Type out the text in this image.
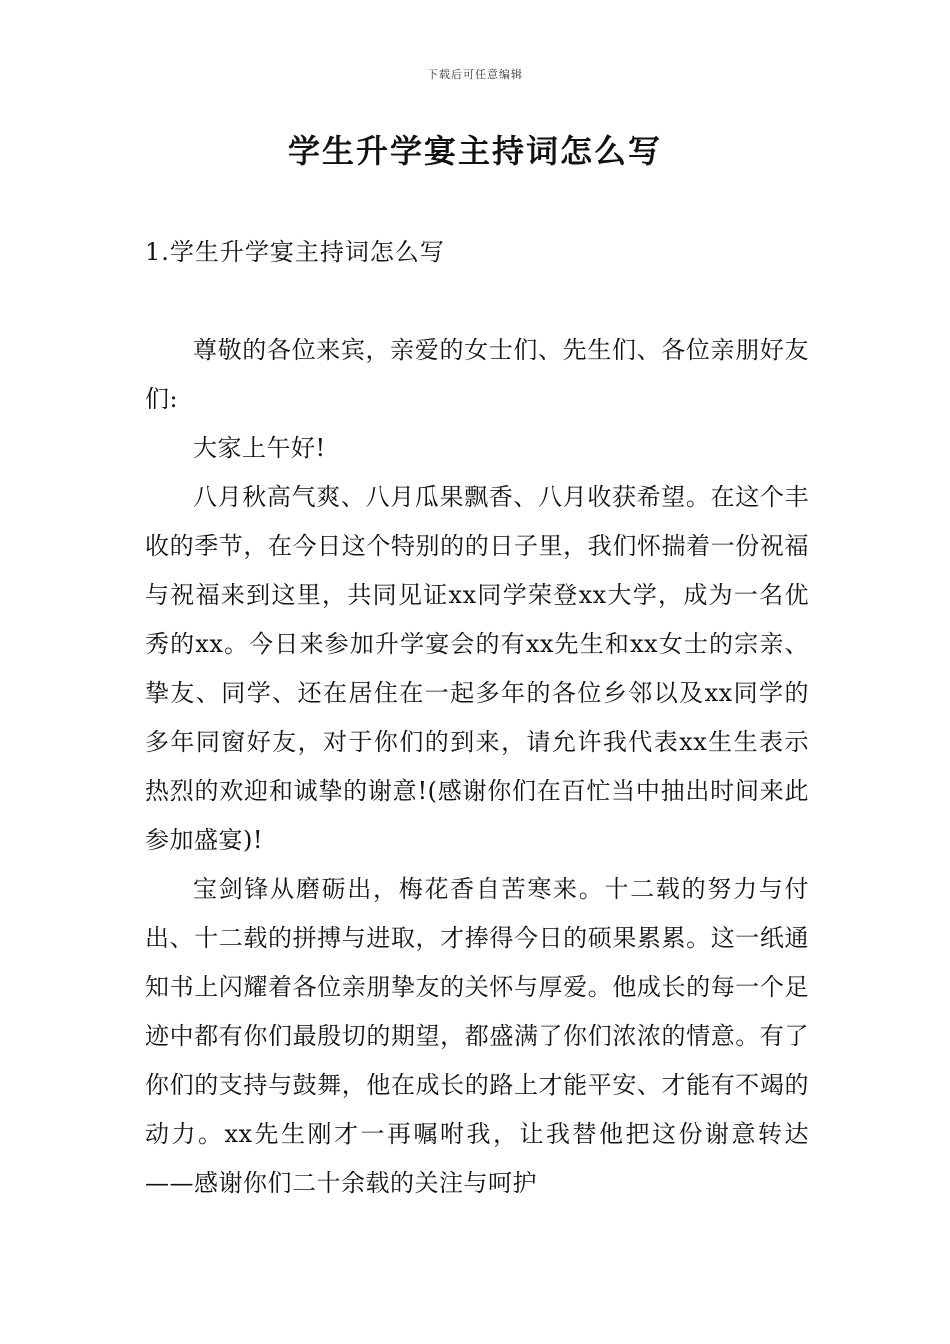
下载后可任意编辑
学生升学宴主持词怎么写
1.学生升学宴主持词怎么写

尊敬的各位来宾，亲爱的女士们、先生们、各位亲朋好友们:

大家上午好!

八月秋高气爽、八月瓜果飘香、八月收获希望。在这个丰收的季节，在今日这个特别的的日子里，我们怀揣着一份祝福与祝福来到这里，共同见证xx同学荣登xx大学，成为一名优秀的xx。今日来参加升学宴会的有xx先生和xx女士的宗亲、挚友、同学、还在居住在一起多年的各位乡邻以及xx同学的多年同窗好友，对于你们的到来，请允许我代表xx生生表示热烈的欢迎和诚挚的谢意!(感谢你们在百忙当中抽出时间来此参加盛宴)!

宝剑锋从磨砺出，梅花香自苦寒来。十二载的努力与付出、十二载的拼搏与进取，才捧得今日的硕果累累。这一纸通知书上闪耀着各位亲朋挚友的关怀与厚爱。他成长的每一个足迹中都有你们最殷切的期望，都盛满了你们浓浓的情意。有了你们的支持与鼓舞，他在成长的路上才能平安、才能有不竭的动力。xx先生刚才一再嘱咐我，让我替他把这份谢意转达——感谢你们二十余载的关注与呵护
